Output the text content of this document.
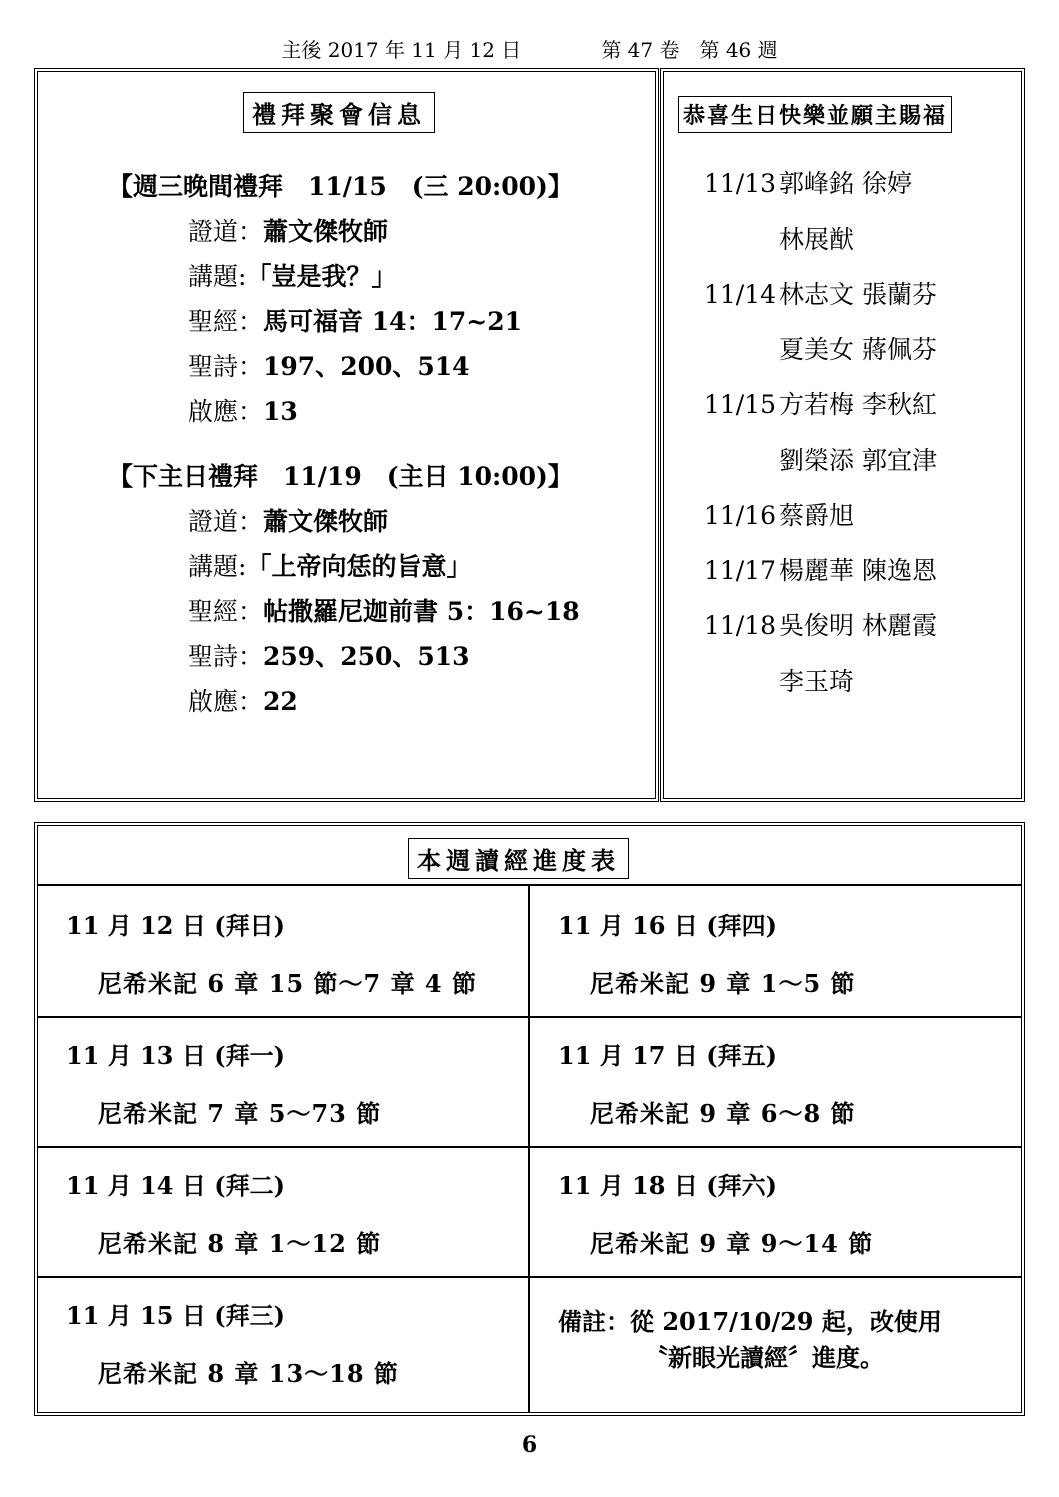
主後 2017 年 11 月 12 日　　　　	第 47 卷　第 46 週
禮拜聚會信息
【週三晚間禮拜　11/15　(三 20:00)】
證道：蕭文傑牧師
講題:「豈是我？」
聖經：馬可福音 14：17~21
聖詩：197、200、514
啟應：13
【下主日禮拜　11/19　(主日 10:00)】
證道：蕭文傑牧師
講題:「上帝向恁的旨意」
聖經：帖撒羅尼迦前書 5：16~18
聖詩：259、250、513
啟應：22
恭喜生日快樂並願主賜福
11/13 郭峰銘 徐婷
林展猷
11/14 林志文 張蘭芬
夏美女 蔣佩芬
11/15 方若梅 李秋紅
劉榮添 郭宜津
11/16 蔡爵旭
11/17 楊麗華 陳逸恩
11/18 吳俊明 林麗霞
李玉琦
本週讀經進度表
11 月 12 日 (拜日)
尼希米記 6 章 15 節～7 章 4 節
11 月 13 日 (拜一)
尼希米記 7 章 5～73 節
11 月 14 日 (拜二)
尼希米記 8 章 1～12 節
11 月 15 日 (拜三)
尼希米記 8 章 13～18 節
11 月 16 日 (拜四)
尼希米記 9 章 1～5 節
11 月 17 日 (拜五)
尼希米記 9 章 6～8 節
11 月 18 日 (拜六)
尼希米記 9 章 9～14 節
備註：從 2017/10/29 起，改使用
〝新眼光讀經〞進度。
6
